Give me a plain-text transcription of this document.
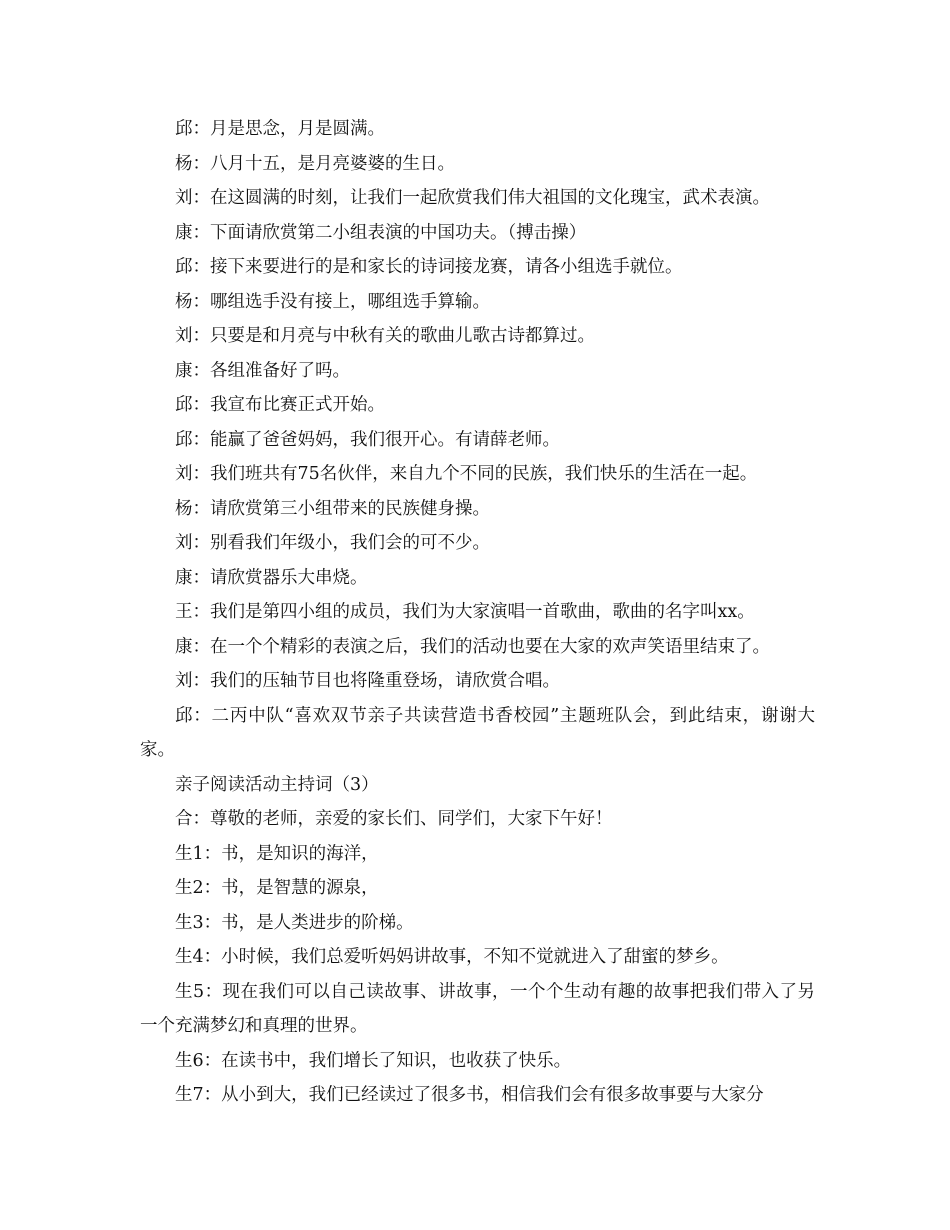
邱：月是思念，月是圆满。

杨：八月十五，是月亮婆婆的生日。

刘：在这圆满的时刻，让我们一起欣赏我们伟大祖国的文化瑰宝，武术表演。

康：下面请欣赏第二小组表演的中国功夫。（搏击操）

邱：接下来要进行的是和家长的诗词接龙赛，请各小组选手就位。

杨：哪组选手没有接上，哪组选手算输。

刘：只要是和月亮与中秋有关的歌曲儿歌古诗都算过。

康：各组准备好了吗。

邱：我宣布比赛正式开始。

邱：能赢了爸爸妈妈，我们很开心。有请薛老师。

刘：我们班共有75名伙伴，来自九个不同的民族，我们快乐的生活在一起。

杨：请欣赏第三小组带来的民族健身操。

刘：别看我们年级小，我们会的可不少。

康：请欣赏器乐大串烧。

王：我们是第四小组的成员，我们为大家演唱一首歌曲，歌曲的名字叫xx。

康：在一个个精彩的表演之后，我们的活动也要在大家的欢声笑语里结束了。

刘：我们的压轴节目也将隆重登场，请欣赏合唱。

邱：二丙中队“喜欢双节亲子共读营造书香校园”主题班队会，到此结束，谢谢大家。

亲子阅读活动主持词（3）

合：尊敬的老师，亲爱的家长们、同学们，大家下午好！

生1：书，是知识的海洋，

生2：书，是智慧的源泉，

生3：书，是人类进步的阶梯。

生4：小时候，我们总爱听妈妈讲故事，不知不觉就进入了甜蜜的梦乡。

生5：现在我们可以自己读故事、讲故事，一个个生动有趣的故事把我们带入了另一个充满梦幻和真理的世界。

生6：在读书中，我们增长了知识，也收获了快乐。

生7：从小到大，我们已经读过了很多书，相信我们会有很多故事要与大家分
